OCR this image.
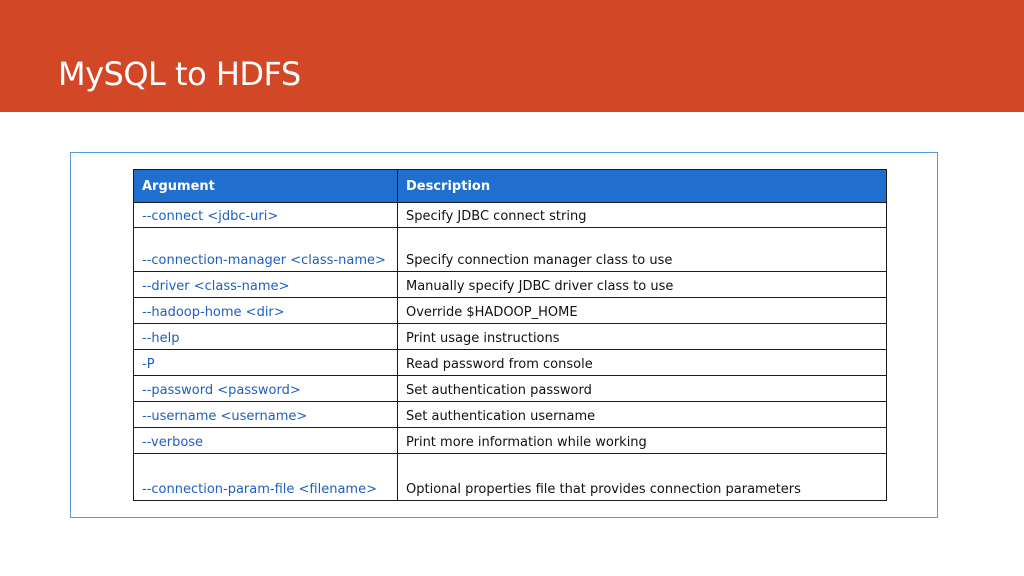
MySQL to HDFS
Argument	Description
--connect <jdbc-uri>	Specify JDBC connect string
--connection-manager <class-name>	Specify connection manager class to use
--driver <class-name>	Manually specify JDBC driver class to use
--hadoop-home <dir>	Override $HADOOP_HOME
--help	Print usage instructions
-P	Read password from console
--password <password>	Set authentication password
--username <username>	Set authentication username
--verbose	Print more information while working
--connection-param-file <filename>	Optional properties file that provides connection parameters
